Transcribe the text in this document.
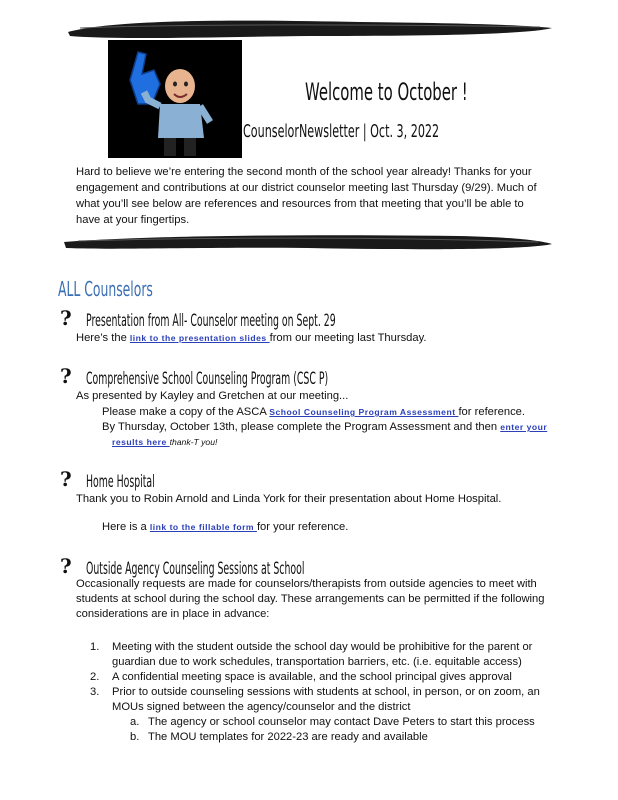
Welcome to October !
CounselorNewsletter | Oct. 3, 2022
Hard to believe we’re entering the second month of the school year already! Thanks for your engagement and contributions at our district counselor meeting last Thursday (9/29). Much of what you’ll see below are references and resources from that meeting that you’ll be able to have at your fingertips.
ALL Counselors
? Presentation from All- Counselor meeting on Sept. 29
Here’s the link to the presentation slides from our meeting last Thursday.
? Comprehensive School Counseling Program (CSC P)
As presented by Kayley and Gretchen at our meeting...
Please make a copy of the ASCA School Counseling Program Assessment for reference.
By Thursday, October 13th, please complete the Program Assessment and then enter your
results here thank-T you!
? Home Hospital
Thank you to Robin Arnold and Linda York for their presentation about Home Hospital.
Here is a link to the fillable form for your reference.
? Outside Agency Counseling Sessions at School
Occasionally requests are made for counselors/therapists from outside agencies to meet with
students at school during the school day. These arrangements can be permitted if the following
considerations are in place in advance:
1. Meeting with the student outside the school day would be prohibitive for the parent or
guardian due to work schedules, transportation barriers, etc. (i.e. equitable access)
2. A confidential meeting space is available, and the school principal gives approval
3. Prior to outside counseling sessions with students at school, in person, or on zoom, an
MOUs signed between the agency/counselor and the district
a. The agency or school counselor may contact Dave Peters to start this process
b. The MOU templates for 2022-23 are ready and available
